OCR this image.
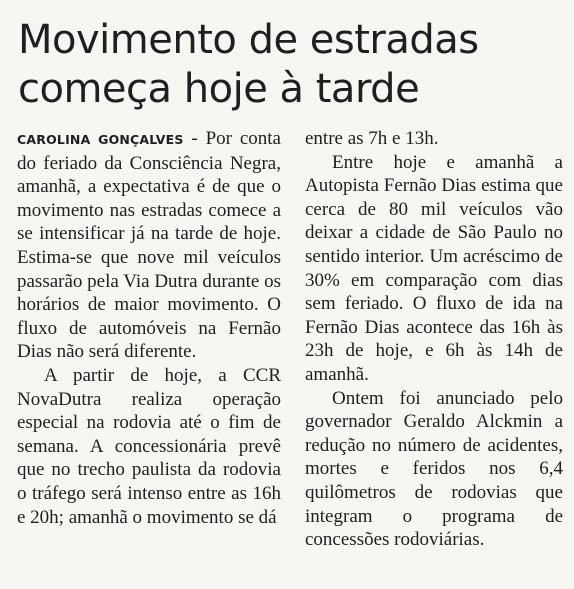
Movimento de estradas começa hoje à tarde

CAROLINA GONÇALVES - Por conta do feriado da Consciência Negra, amanhã, a expectativa é de que o movimento nas estradas comece a se intensificar já na tarde de hoje. Estima-se que nove mil veículos passarão pela Via Dutra durante os horários de maior movimento. O fluxo de automóveis na Fernão Dias não será diferente.

A partir de hoje, a CCR NovaDutra realiza operação especial na rodovia até o fim de semana. A concessionária prevê que no trecho paulista da rodovia o tráfego será intenso entre as 16h e 20h; amanhã o movimento se dá

entre as 7h e 13h.

Entre hoje e amanhã a Autopista Fernão Dias estima que cerca de 80 mil veículos vão deixar a cidade de São Paulo no sentido interior. Um acréscimo de 30% em comparação com dias sem feriado. O fluxo de ida na Fernão Dias acontece das 16h às 23h de hoje, e 6h às 14h de amanhã.

Ontem foi anunciado pelo governador Geraldo Alckmin a redução no número de acidentes, mortes e feridos nos 6,4 quilômetros de rodovias que integram o programa de concessões rodoviárias.
